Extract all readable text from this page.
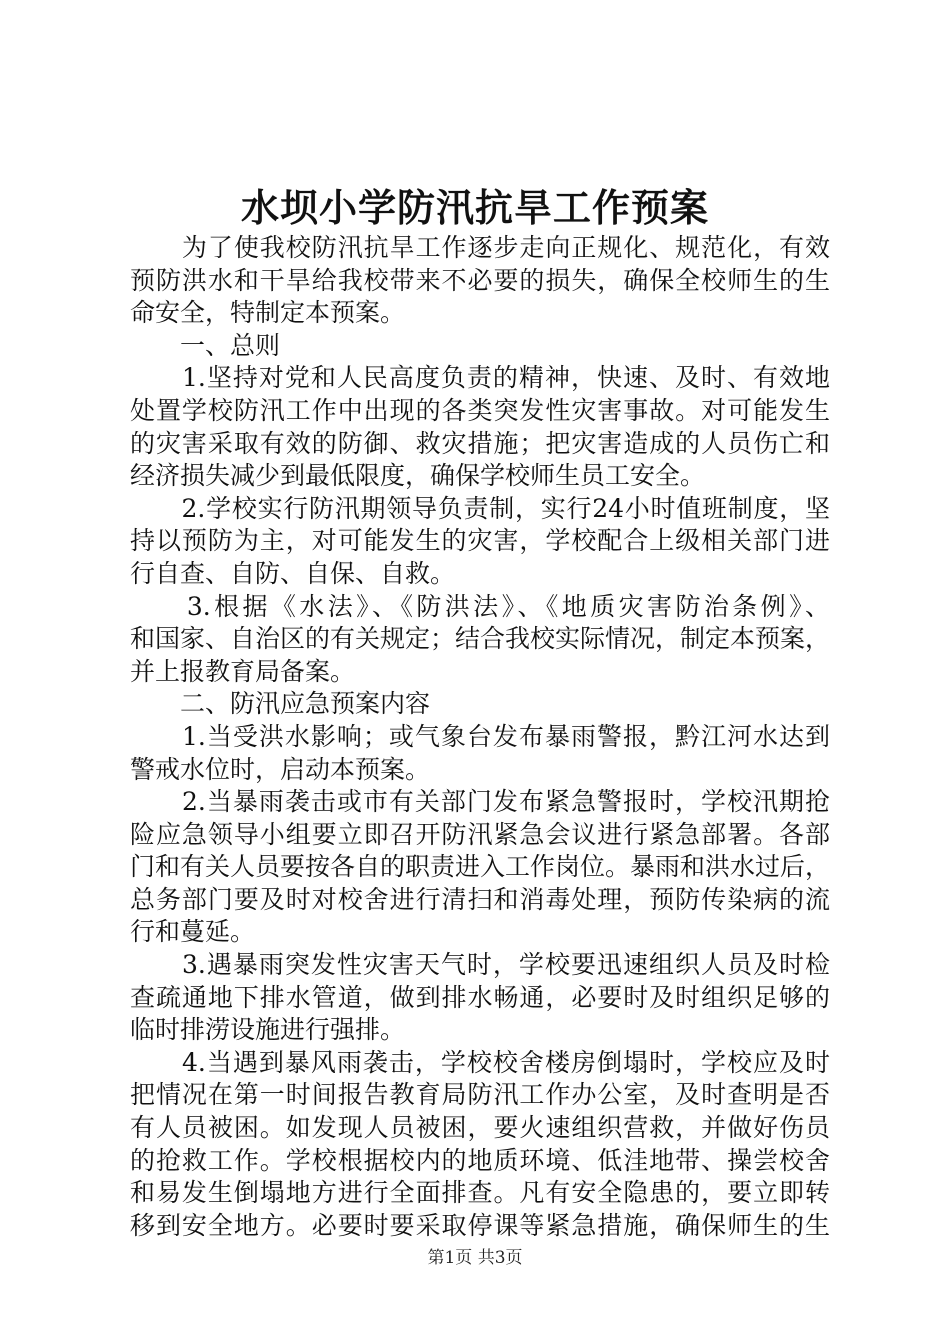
水坝小学防汛抗旱工作预案
　　为了使我校防汛抗旱工作逐步走向正规化、规范化，有效
预防洪水和干旱给我校带来不必要的损失，确保全校师生的生
命安全，特制定本预案。
　　一、总则
　　1.坚持对党和人民高度负责的精神，快速、及时、有效地
处置学校防汛工作中出现的各类突发性灾害事故。对可能发生
的灾害采取有效的防御、救灾措施；把灾害造成的人员伤亡和
经济损失减少到最低限度，确保学校师生员工安全。
　　2.学校实行防汛期领导负责制，实行24小时值班制度，坚
持以预防为主，对可能发生的灾害，学校配合上级相关部门进
行自查、自防、自保、自救。
　　3.根据《水法》、《防洪法》、《地质灾害防治条例》、
和国家、自治区的有关规定；结合我校实际情况，制定本预案，
并上报教育局备案。
　　二、防汛应急预案内容
　　1.当受洪水影响；或气象台发布暴雨警报，黔江河水达到
警戒水位时，启动本预案。
　　2.当暴雨袭击或市有关部门发布紧急警报时，学校汛期抢
险应急领导小组要立即召开防汛紧急会议进行紧急部署。各部
门和有关人员要按各自的职责进入工作岗位。暴雨和洪水过后，
总务部门要及时对校舍进行清扫和消毒处理，预防传染病的流
行和蔓延。
　　3.遇暴雨突发性灾害天气时，学校要迅速组织人员及时检
查疏通地下排水管道，做到排水畅通，必要时及时组织足够的
临时排涝设施进行强排。
　　4.当遇到暴风雨袭击，学校校舍楼房倒塌时，学校应及时
把情况在第一时间报告教育局防汛工作办公室，及时查明是否
有人员被困。如发现人员被困，要火速组织营救，并做好伤员
的抢救工作。学校根据校内的地质环境、低洼地带、操尝校舍
和易发生倒塌地方进行全面排查。凡有安全隐患的，要立即转
移到安全地方。必要时要采取停课等紧急措施，确保师生的生
第1页 共3页
